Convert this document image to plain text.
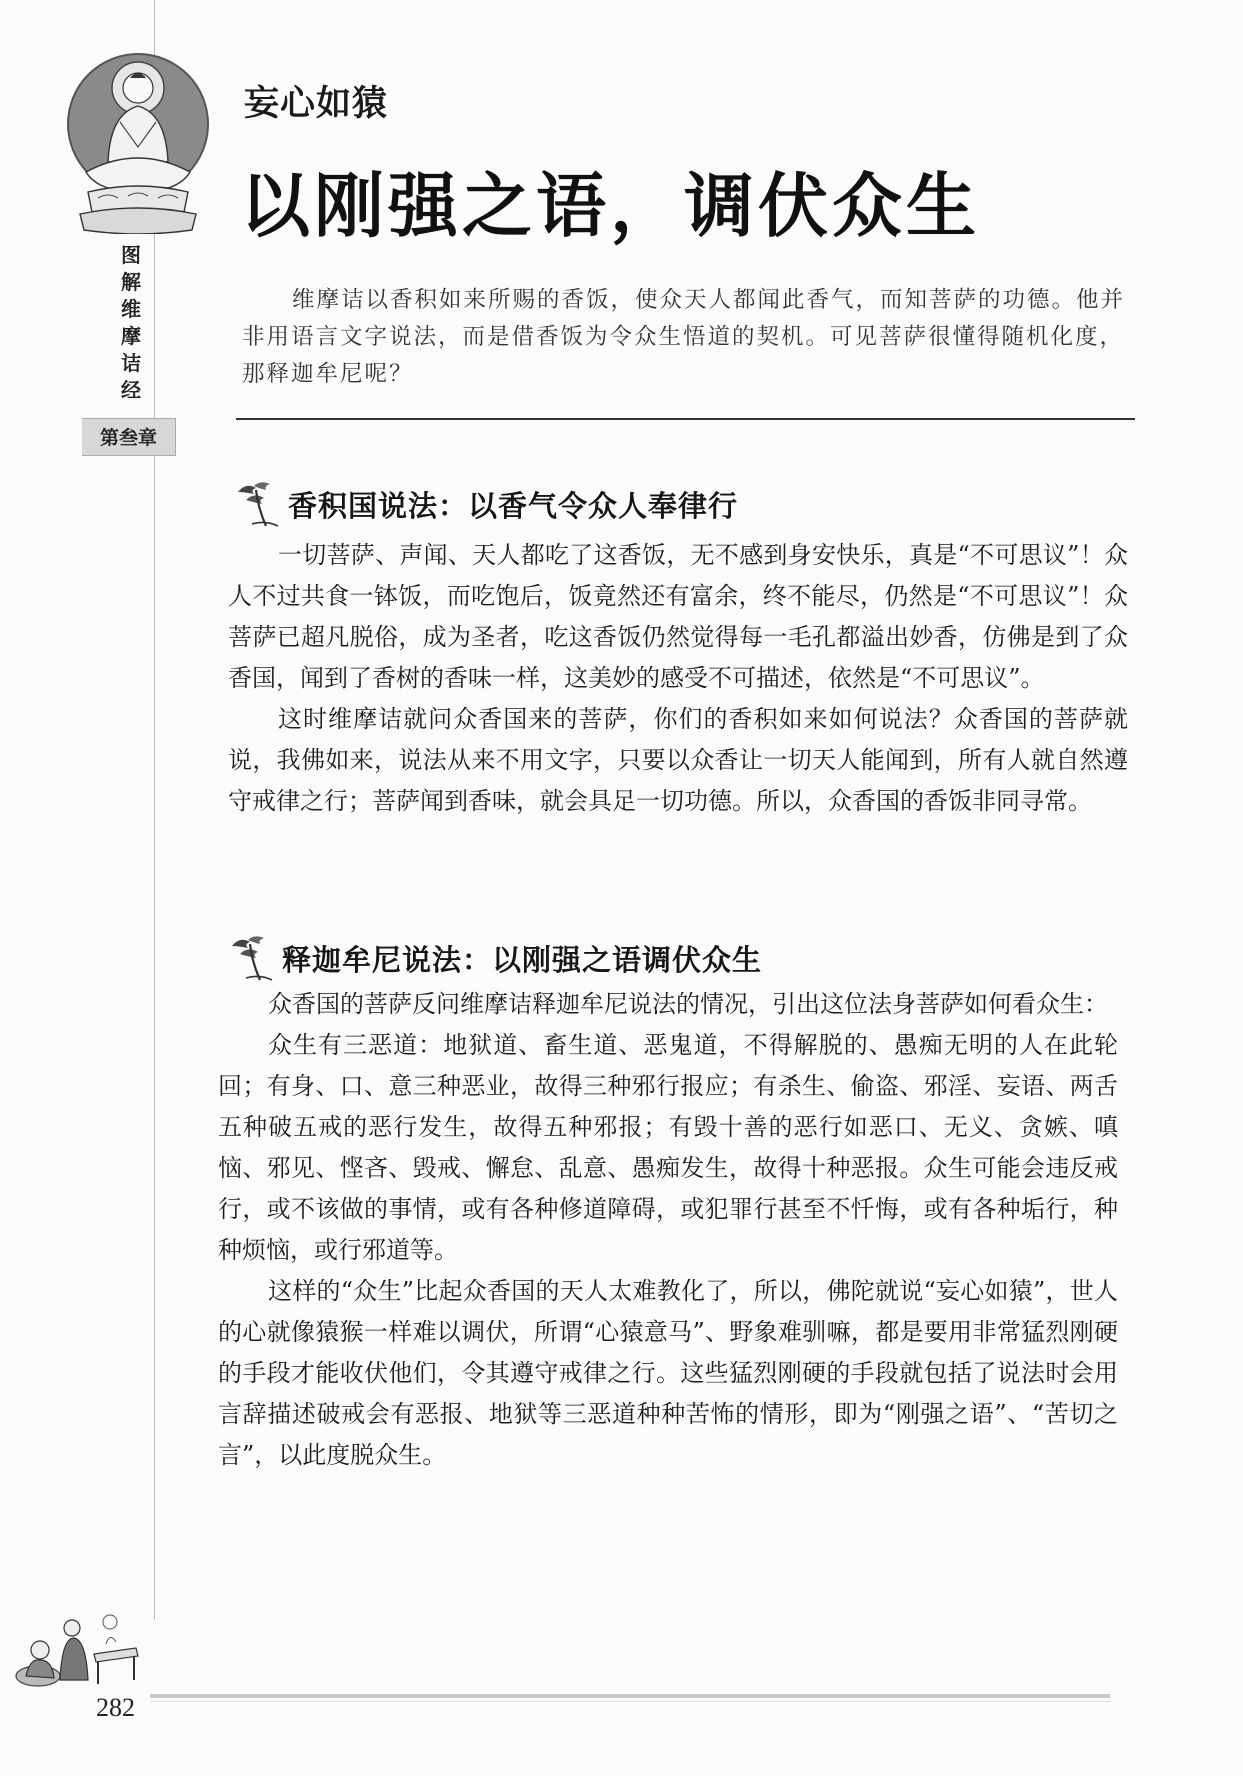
图
解
维
摩
诘
经
第叁章
妄心如猿
以刚强之语，调伏众生

维摩诘以香积如来所赐的香饭，使众天人都闻此香气，而知菩萨的功德。他并非用语言文字说法，而是借香饭为令众生悟道的契机。可见菩萨很懂得随机化度，那释迦牟尼呢？

香积国说法：以香气令众人奉律行

一切菩萨、声闻、天人都吃了这香饭，无不感到身安快乐，真是“不可思议”！众人不过共食一钵饭，而吃饱后，饭竟然还有富余，终不能尽，仍然是“不可思议”！众菩萨已超凡脱俗，成为圣者，吃这香饭仍然觉得每一毛孔都溢出妙香，仿佛是到了众香国，闻到了香树的香味一样，这美妙的感受不可描述，依然是“不可思议”。

这时维摩诘就问众香国来的菩萨，你们的香积如来如何说法？众香国的菩萨就说，我佛如来，说法从来不用文字，只要以众香让一切天人能闻到，所有人就自然遵守戒律之行；菩萨闻到香味，就会具足一切功德。所以，众香国的香饭非同寻常。

释迦牟尼说法：以刚强之语调伏众生

众香国的菩萨反问维摩诘释迦牟尼说法的情况，引出这位法身菩萨如何看众生：

众生有三恶道：地狱道、畜生道、恶鬼道，不得解脱的、愚痴无明的人在此轮回；有身、口、意三种恶业，故得三种邪行报应；有杀生、偷盗、邪淫、妄语、两舌五种破五戒的恶行发生，故得五种邪报；有毁十善的恶行如恶口、无义、贪嫉、嗔恼、邪见、悭吝、毁戒、懈怠、乱意、愚痴发生，故得十种恶报。众生可能会违反戒行，或不该做的事情，或有各种修道障碍，或犯罪行甚至不忏悔，或有各种垢行，种种烦恼，或行邪道等。

这样的“众生”比起众香国的天人太难教化了，所以，佛陀就说“妄心如猿”，世人的心就像猿猴一样难以调伏，所谓“心猿意马”、野象难驯嘛，都是要用非常猛烈刚硬的手段才能收伏他们，令其遵守戒律之行。这些猛烈刚硬的手段就包括了说法时会用言辞描述破戒会有恶报、地狱等三恶道种种苦怖的情形，即为“刚强之语”、“苦切之言”，以此度脱众生。

282
